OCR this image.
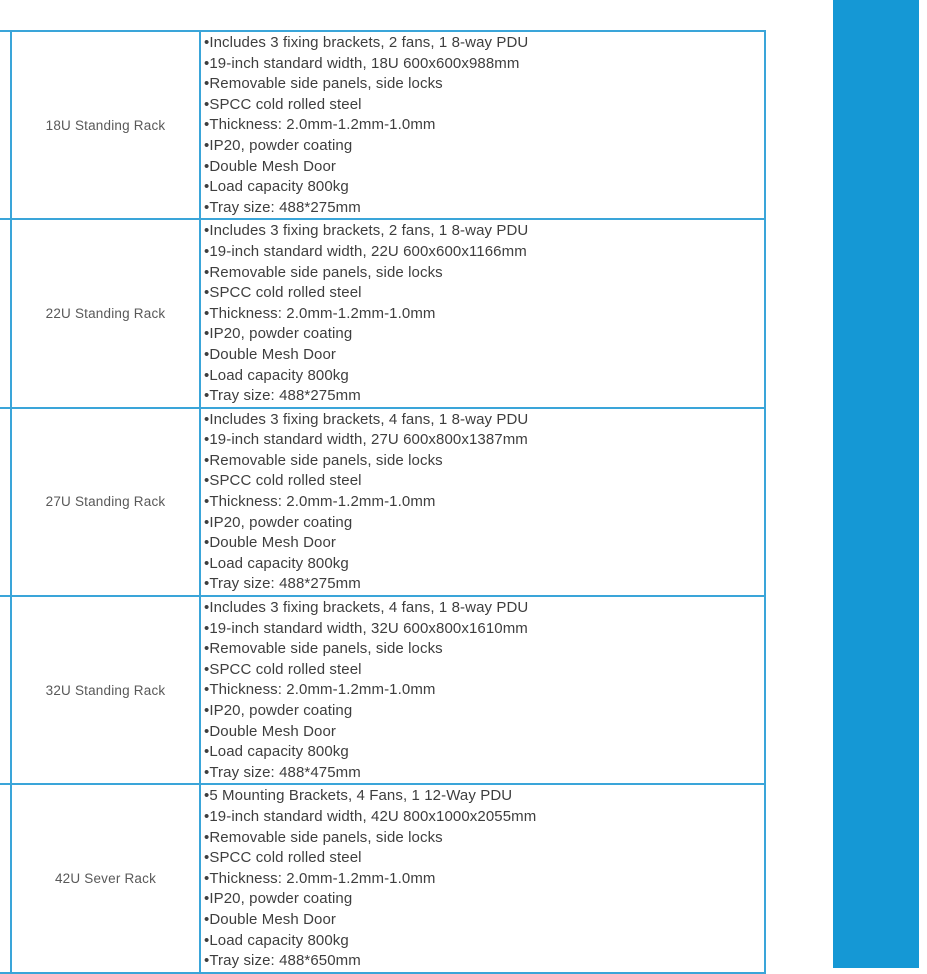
	18U Standing Rack	
•Includes 3 fixing brackets, 2 fans, 1 8-way PDU
•19-inch standard width, 18U 600x600x988mm
•Removable side panels, side locks
•SPCC cold rolled steel
•Thickness: 2.0mm-1.2mm-1.0mm
•IP20, powder coating
•Double Mesh Door
•Load capacity 800kg
•Tray size: 488*275mm

	22U Standing Rack	
•Includes 3 fixing brackets, 2 fans, 1 8-way PDU
•19-inch standard width, 22U 600x600x1166mm
•Removable side panels, side locks
•SPCC cold rolled steel
•Thickness: 2.0mm-1.2mm-1.0mm
•IP20, powder coating
•Double Mesh Door
•Load capacity 800kg
•Tray size: 488*275mm

	27U Standing Rack	
•Includes 3 fixing brackets, 4 fans, 1 8-way PDU
•19-inch standard width, 27U 600x800x1387mm
•Removable side panels, side locks
•SPCC cold rolled steel
•Thickness: 2.0mm-1.2mm-1.0mm
•IP20, powder coating
•Double Mesh Door
•Load capacity 800kg
•Tray size: 488*275mm

	32U Standing Rack	
•Includes 3 fixing brackets, 4 fans, 1 8-way PDU
•19-inch standard width, 32U 600x800x1610mm
•Removable side panels, side locks
•SPCC cold rolled steel
•Thickness: 2.0mm-1.2mm-1.0mm
•IP20, powder coating
•Double Mesh Door
•Load capacity 800kg
•Tray size: 488*475mm

	42U Sever Rack	
•5 Mounting Brackets, 4 Fans, 1 12-Way PDU
•19-inch standard width, 42U 800x1000x2055mm
•Removable side panels, side locks
•SPCC cold rolled steel
•Thickness: 2.0mm-1.2mm-1.0mm
•IP20, powder coating
•Double Mesh Door
•Load capacity 800kg
•Tray size: 488*650mm
